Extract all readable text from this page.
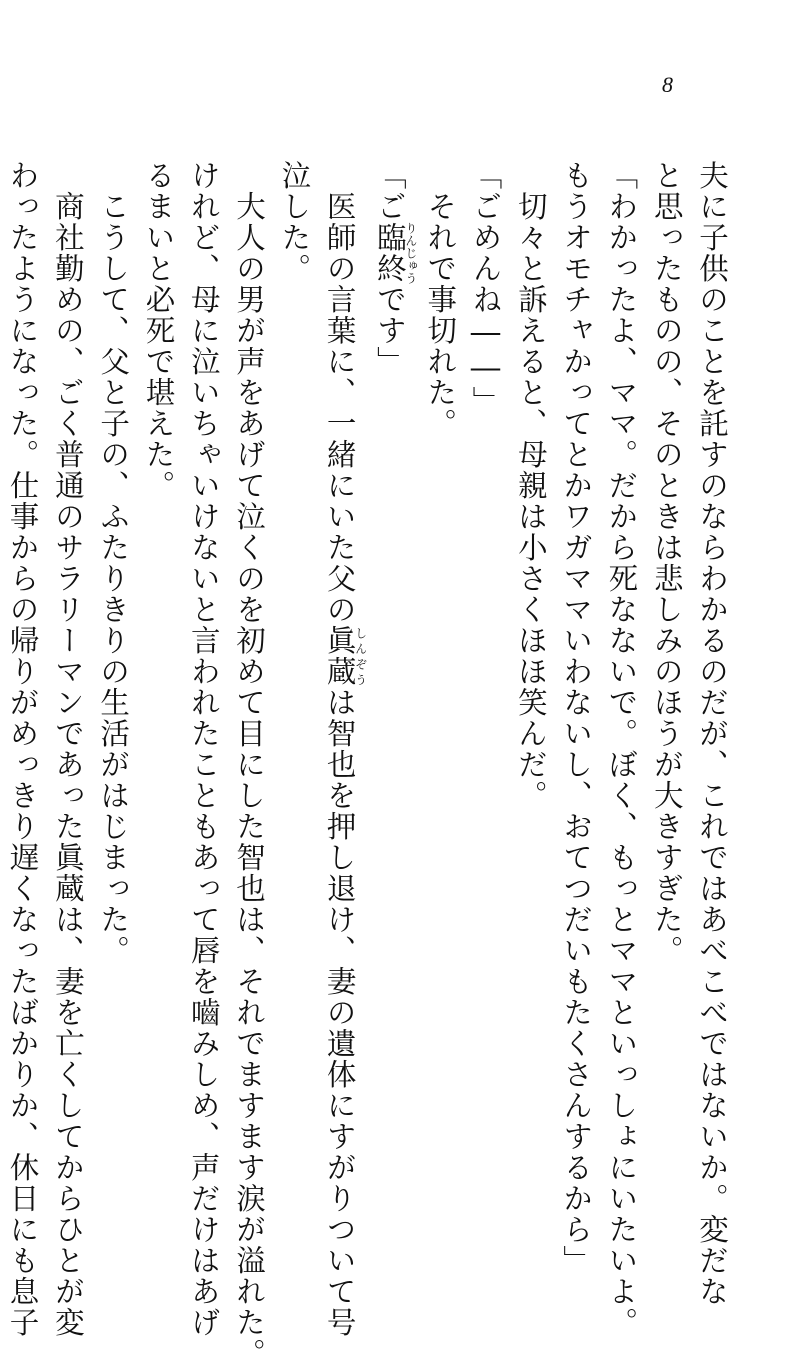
8

夫に子供のことを託すのならわかるのだが、これではあべこべではないか。変だな

と思ったものの、そのときは悲しみのほうが大きすぎた。

「わかったよ、ママ。だから死なないで。ぼく、もっとママといっしょにいたいよ。

もうオモチャかってとかワガママいわないし、おてつだいもたくさんするから」

　切々と訴えると、母親は小さくほほ笑んだ。

「ごめんね――」

　それで事切れた。

「ご臨終りんじゅうです」

　医師の言葉に、一緒にいた父の眞蔵しんぞうは智也を押し退け、妻の遺体にすがりついて号

泣した。

　大人の男が声をあげて泣くのを初めて目にした智也は、それでますます涙が溢れた。

けれど、母に泣いちゃいけないと言われたこともあって唇を嚙みしめ、声だけはあげ

るまいと必死で堪えた。

　こうして、父と子の、ふたりきりの生活がはじまった。

　商社勤めの、ごく普通のサラリーマンであった眞蔵は、妻を亡くしてからひとが変

わったようになった。仕事からの帰りがめっきり遅くなったばかりか、休日にも息子
